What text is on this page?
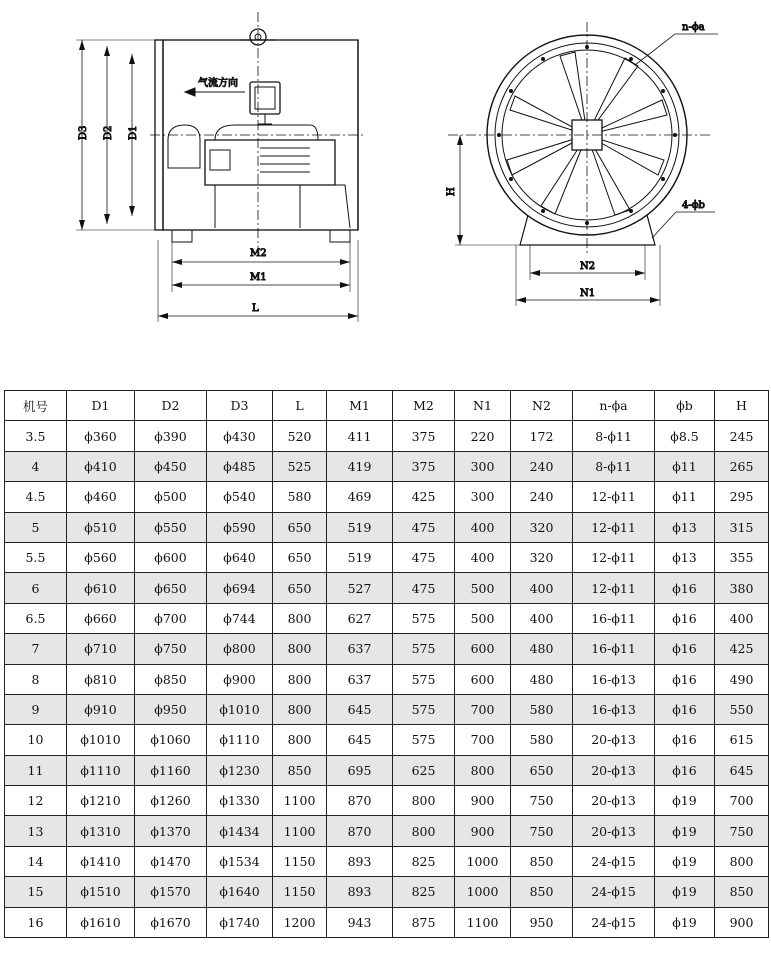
气流方向
D3 D2 D1
M2
M1
L
n-ϕa
H
4-ϕb
N2
N1
机号	D1	D2	D3	L	M1	M2	N1	N2	n-ϕa	ϕb	H
3.5	ϕ360	ϕ390	ϕ430	520	411	375	220	172	8-ϕ11	ϕ8.5	245
4	ϕ410	ϕ450	ϕ485	525	419	375	300	240	8-ϕ11	ϕ11	265
4.5	ϕ460	ϕ500	ϕ540	580	469	425	300	240	12-ϕ11	ϕ11	295
5	ϕ510	ϕ550	ϕ590	650	519	475	400	320	12-ϕ11	ϕ13	315
5.5	ϕ560	ϕ600	ϕ640	650	519	475	400	320	12-ϕ11	ϕ13	355
6	ϕ610	ϕ650	ϕ694	650	527	475	500	400	12-ϕ11	ϕ16	380
6.5	ϕ660	ϕ700	ϕ744	800	627	575	500	400	16-ϕ11	ϕ16	400
7	ϕ710	ϕ750	ϕ800	800	637	575	600	480	16-ϕ11	ϕ16	425
8	ϕ810	ϕ850	ϕ900	800	637	575	600	480	16-ϕ13	ϕ16	490
9	ϕ910	ϕ950	ϕ1010	800	645	575	700	580	16-ϕ13	ϕ16	550
10	ϕ1010	ϕ1060	ϕ1110	800	645	575	700	580	20-ϕ13	ϕ16	615
11	ϕ1110	ϕ1160	ϕ1230	850	695	625	800	650	20-ϕ13	ϕ16	645
12	ϕ1210	ϕ1260	ϕ1330	1100	870	800	900	750	20-ϕ13	ϕ19	700
13	ϕ1310	ϕ1370	ϕ1434	1100	870	800	900	750	20-ϕ13	ϕ19	750
14	ϕ1410	ϕ1470	ϕ1534	1150	893	825	1000	850	24-ϕ15	ϕ19	800
15	ϕ1510	ϕ1570	ϕ1640	1150	893	825	1000	850	24-ϕ15	ϕ19	850
16	ϕ1610	ϕ1670	ϕ1740	1200	943	875	1100	950	24-ϕ15	ϕ19	900
